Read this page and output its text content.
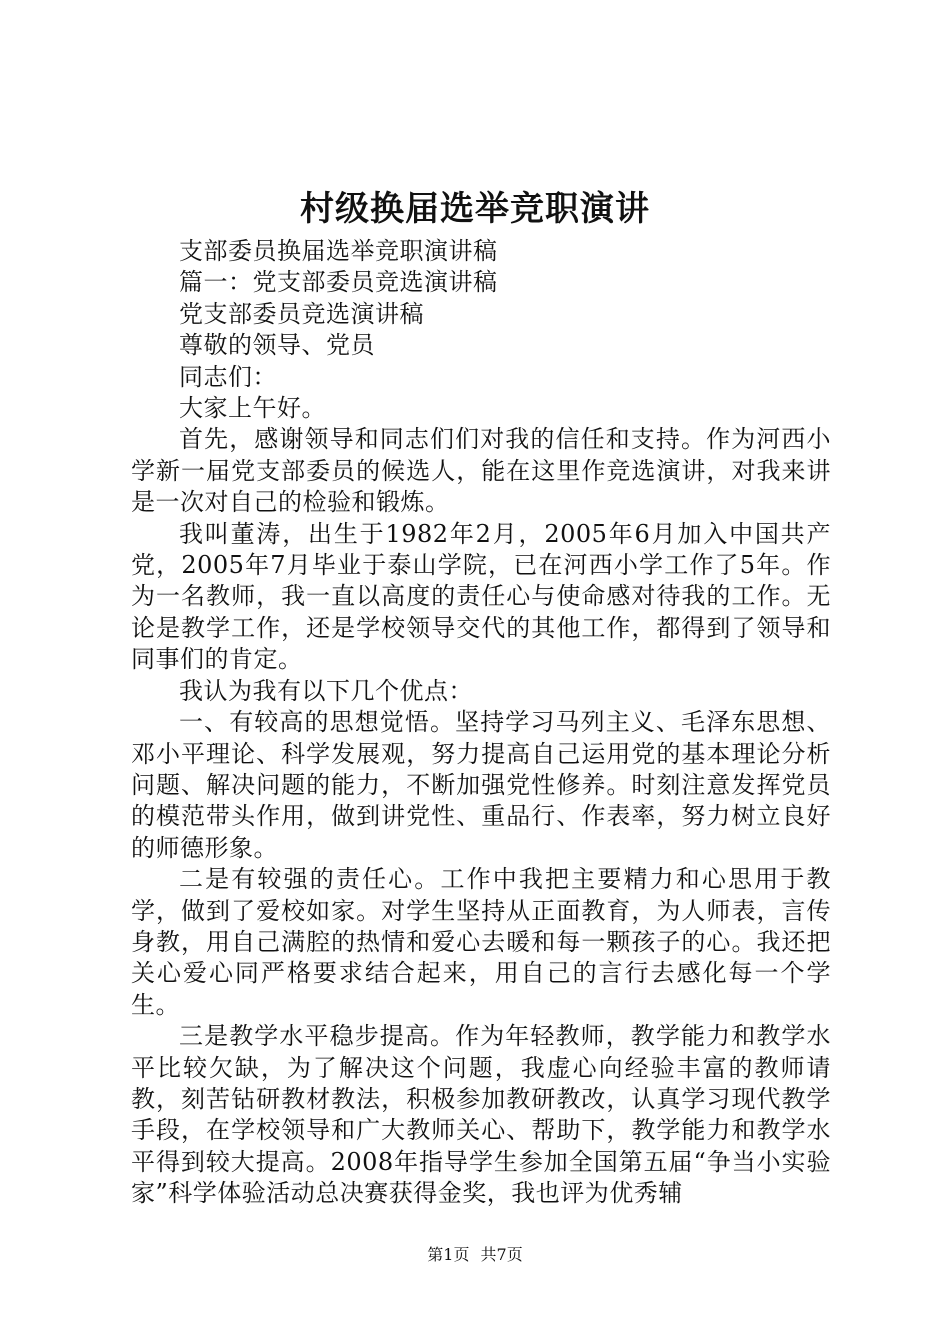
村级换届选举竞职演讲

支部委员换届选举竞职演讲稿

篇一：党支部委员竞选演讲稿

党支部委员竞选演讲稿

尊敬的领导、党员

同志们：

大家上午好。

首先，感谢领导和同志们们对我的信任和支持。作为河西小学新一届党支部委员的候选人，能在这里作竞选演讲，对我来讲是一次对自己的检验和锻炼。

我叫董涛，出生于1982年2月，2005年6月加入中国共产党，2005年7月毕业于泰山学院，已在河西小学工作了5年。作为一名教师，我一直以高度的责任心与使命感对待我的工作。无论是教学工作，还是学校领导交代的其他工作，都得到了领导和同事们的肯定。

我认为我有以下几个优点：

一、有较高的思想觉悟。坚持学习马列主义、毛泽东思想、邓小平理论、科学发展观，努力提高自己运用党的基本理论分析问题、解决问题的能力，不断加强党性修养。时刻注意发挥党员的模范带头作用，做到讲党性、重品行、作表率，努力树立良好的师德形象。

二是有较强的责任心。工作中我把主要精力和心思用于教学，做到了爱校如家。对学生坚持从正面教育，为人师表，言传身教，用自己满腔的热情和爱心去暖和每一颗孩子的心。我还把关心爱心同严格要求结合起来，用自己的言行去感化每一个学生。

三是教学水平稳步提高。作为年轻教师，教学能力和教学水平比较欠缺，为了解决这个问题，我虚心向经验丰富的教师请教，刻苦钻研教材教法，积极参加教研教改，认真学习现代教学手段，在学校领导和广大教师关心、帮助下，教学能力和教学水平得到较大提高。2008年指导学生参加全国第五届“争当小实验家”科学体验活动总决赛获得金奖，我也评为优秀辅

第1页 共7页
